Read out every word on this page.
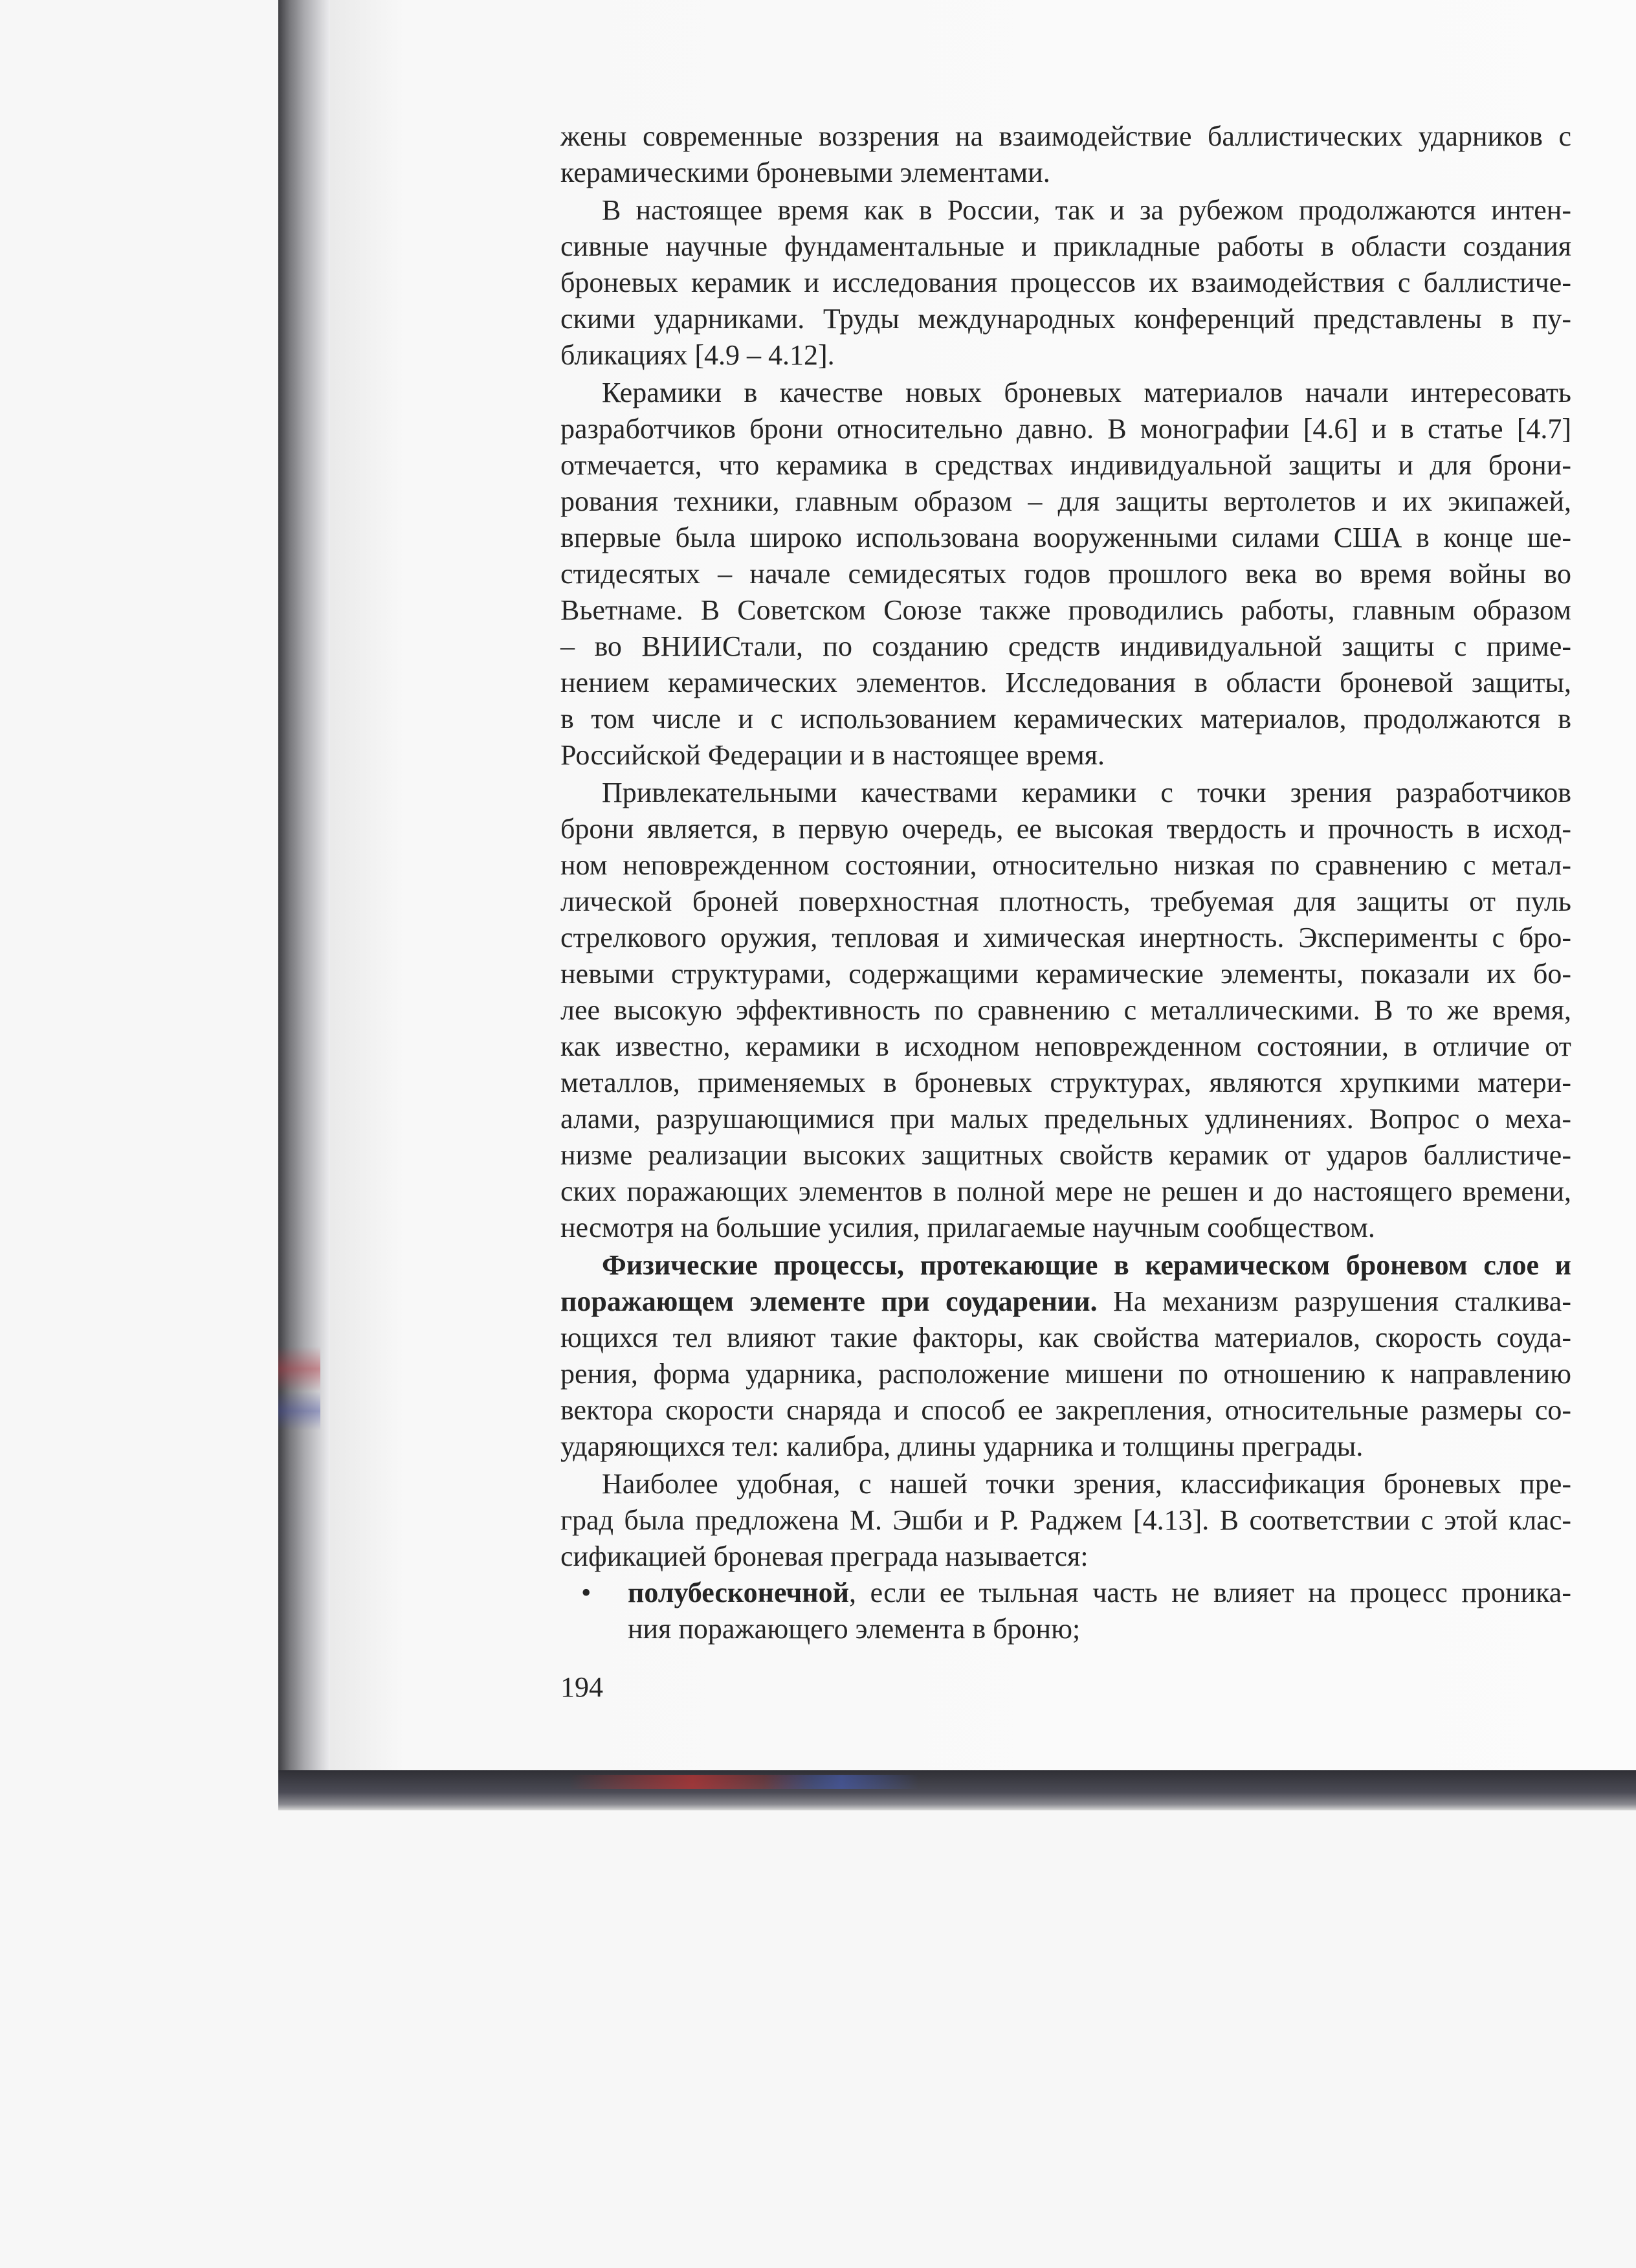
жены современные воззрения на взаимодействие баллистических ударников с
керамическими броневыми элементами.
В настоящее время как в России, так и за рубежом продолжаются интен-
сивные научные фундаментальные и прикладные работы в области создания
броневых керамик и исследования процессов их взаимодействия с баллистиче-
скими ударниками. Труды международных конференций представлены в пу-
бликациях [4.9 – 4.12].
Керамики в качестве новых броневых материалов начали интересовать
разработчиков брони относительно давно. В монографии [4.6] и в статье [4.7]
отмечается, что керамика в средствах индивидуальной защиты и для брони-
рования техники, главным образом – для защиты вертолетов и их экипажей,
впервые была широко использована вооруженными силами США в конце ше-
стидесятых – начале семидесятых годов прошлого века во время войны во
Вьетнаме. В Советском Союзе также проводились работы, главным образом
– во ВНИИСтали, по созданию средств индивидуальной защиты с приме-
нением керамических элементов. Исследования в области броневой защиты,
в том числе и с использованием керамических материалов, продолжаются в
Российской Федерации и в настоящее время.
Привлекательными качествами керамики с точки зрения разработчиков
брони является, в первую очередь, ее высокая твердость и прочность в исход-
ном неповрежденном состоянии, относительно низкая по сравнению с метал-
лической броней поверхностная плотность, требуемая для защиты от пуль
стрелкового оружия, тепловая и химическая инертность. Эксперименты с бро-
невыми структурами, содержащими керамические элементы, показали их бо-
лее высокую эффективность по сравнению с металлическими. В то же время,
как известно, керамики в исходном неповрежденном состоянии, в отличие от
металлов, применяемых в броневых структурах, являются хрупкими матери-
алами, разрушающимися при малых предельных удлинениях. Вопрос о меха-
низме реализации высоких защитных свойств керамик от ударов баллистиче-
ских поражающих элементов в полной мере не решен и до настоящего времени,
несмотря на большие усилия, прилагаемые научным сообществом.
Физические процессы, протекающие в керамическом броневом слое и
поражающем элементе при соударении. На механизм разрушения сталкива-
ющихся тел влияют такие факторы, как свойства материалов, скорость соуда-
рения, форма ударника, расположение мишени по отношению к направлению
вектора скорости снаряда и способ ее закрепления, относительные размеры со-
ударяющихся тел: калибра, длины ударника и толщины преграды.
Наиболее удобная, с нашей точки зрения, классификация броневых пре-
град была предложена М. Эшби и Р. Раджем [4.13]. В соответствии с этой клас-
сификацией броневая преграда называется:
• полубесконечной, если ее тыльная часть не влияет на процесс проника-
ния поражающего элемента в броню;
194
